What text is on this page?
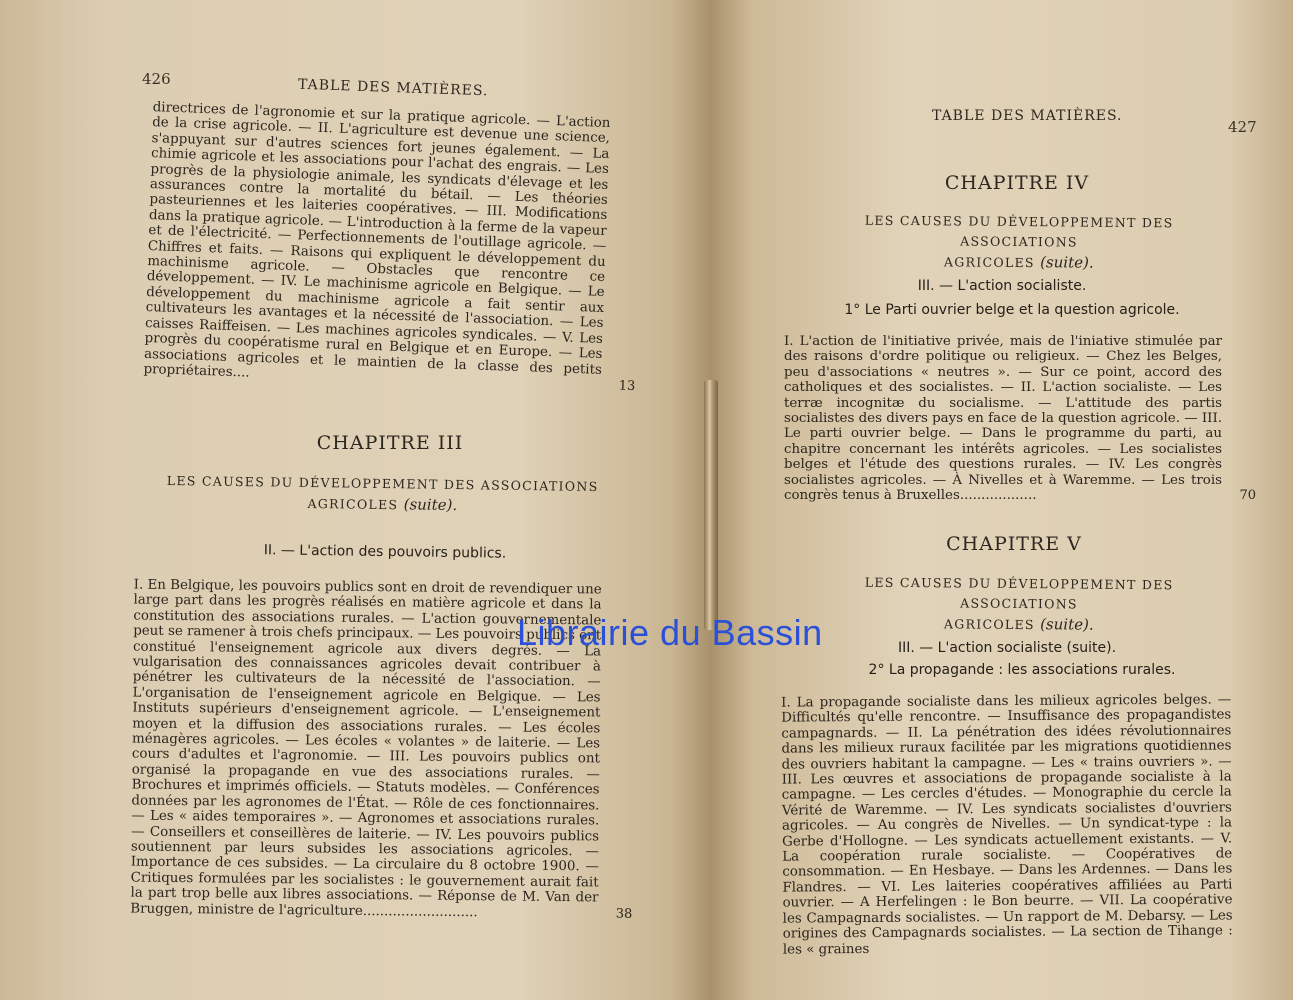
426	TABLE DES MATIÈRES.
directrices de l'agronomie et sur la pratique agricole. — L'action de la crise agricole. — II. L'agriculture est devenue une science, s'appuyant sur d'autres sciences fort jeunes également. — La chimie agricole et les associations pour l'achat des engrais. — Les progrès de la physiologie animale, les syndicats d'élevage et les assurances contre la mortalité du bétail. — Les théories pasteuriennes et les laiteries coopératives. — III. Modifications dans la pratique agricole. — L'introduction à la ferme de la vapeur et de l'électricité. — Perfectionnements de l'outillage agricole. — Chiffres et faits. — Raisons qui expliquent le développement du machinisme agricole. — Obstacles que rencontre ce développement. — IV. Le machinisme agricole en Belgique. — Le développement du machinisme agricole a fait sentir aux cultivateurs les avantages et la nécessité de l'association. — Les caisses Raiffeisen. — Les machines agricoles syndicales. — V. Les progrès du coopératisme rural en Belgique et en Europe. — Les associations agricoles et le maintien de la classe des petits propriétaires....
13
CHAPITRE III
LES CAUSES DU DÉVELOPPEMENT DES ASSOCIATIONS
AGRICOLES (suite).
II. — L'action des pouvoirs publics.
I. En Belgique, les pouvoirs publics sont en droit de revendiquer une large part dans les progrès réalisés en matière agricole et dans la constitution des associations rurales. — L'action gouvernementale peut se ramener à trois chefs principaux. — Les pouvoirs publics ont constitué l'enseignement agricole aux divers degrés. — La vulgarisation des connaissances agricoles devait contribuer à pénétrer les cultivateurs de la nécessité de l'association. — L'organisation de l'enseignement agricole en Belgique. — Les Instituts supérieurs d'enseignement agricole. — L'enseignement moyen et la diffusion des associations rurales. — Les écoles ménagères agricoles. — Les écoles « volantes » de laiterie. — Les cours d'adultes et l'agronomie. — III. Les pouvoirs publics ont organisé la propagande en vue des associations rurales. — Brochures et imprimés officiels. — Statuts modèles. — Conférences données par les agronomes de l'État. — Rôle de ces fonctionnaires. — Les « aides temporaires ». — Agronomes et associations rurales. — Conseillers et conseillères de laiterie. — IV. Les pouvoirs publics soutiennent par leurs subsides les associations agricoles. — Importance de ces subsides. — La circulaire du 8 octobre 1900. — Critiques formulées par les socialistes : le gouvernement aurait fait la part trop belle aux libres associations. — Réponse de M. Van der Bruggen, ministre de l'agriculture...........................	38
TABLE DES MATIÈRES.
427
CHAPITRE IV
LES CAUSES DU DÉVELOPPEMENT DES ASSOCIATIONS
AGRICOLES (suite).
III. — L'action socialiste.
1° Le Parti ouvrier belge et la question agricole.
I. L'action de l'initiative privée, mais de l'iniative stimulée par des raisons d'ordre politique ou religieux. — Chez les Belges, peu d'associations « neutres ». — Sur ce point, accord des catholiques et des socialistes. — II. L'action socialiste. — Les terræ incognitæ du socialisme. — L'attitude des partis socialistes des divers pays en face de la question agricole. — III. Le parti ouvrier belge. — Dans le programme du parti, au chapitre concernant les intérêts agricoles. — Les socialistes belges et l'étude des questions rurales. — IV. Les congrès socialistes agricoles. — À Nivelles et à Waremme. — Les trois congrès tenus à Bruxelles..................	70
CHAPITRE V
LES CAUSES DU DÉVELOPPEMENT DES ASSOCIATIONS
AGRICOLES (suite).
III. — L'action socialiste (suite).
2° La propagande : les associations rurales.
I. La propagande socialiste dans les milieux agricoles belges. — Difficultés qu'elle rencontre. — Insuffisance des propagandistes campagnards. — II. La pénétration des idées révolutionnaires dans les milieux ruraux facilitée par les migrations quotidiennes des ouvriers habitant la campagne. — Les « trains ouvriers ». — III. Les œuvres et associations de propagande socialiste à la campagne. — Les cercles d'études. — Monographie du cercle la Vérité de Waremme. — IV. Les syndicats socialistes d'ouvriers agricoles. — Au congrès de Nivelles. — Un syndicat-type : la Gerbe d'Hollogne. — Les syndicats actuellement existants. — V. La coopération rurale socialiste. — Coopératives de consommation. — En Hesbaye. — Dans les Ardennes. — Dans les Flandres. — VI. Les laiteries coopératives affiliées au Parti ouvrier. — A Herfelingen : le Bon beurre. — VII. La coopérative les Campagnards socialistes. — Un rapport de M. Debarsy. — Les origines des Campagnards socialistes. — La section de Tihange : les « graines
Librairie du Bassin
